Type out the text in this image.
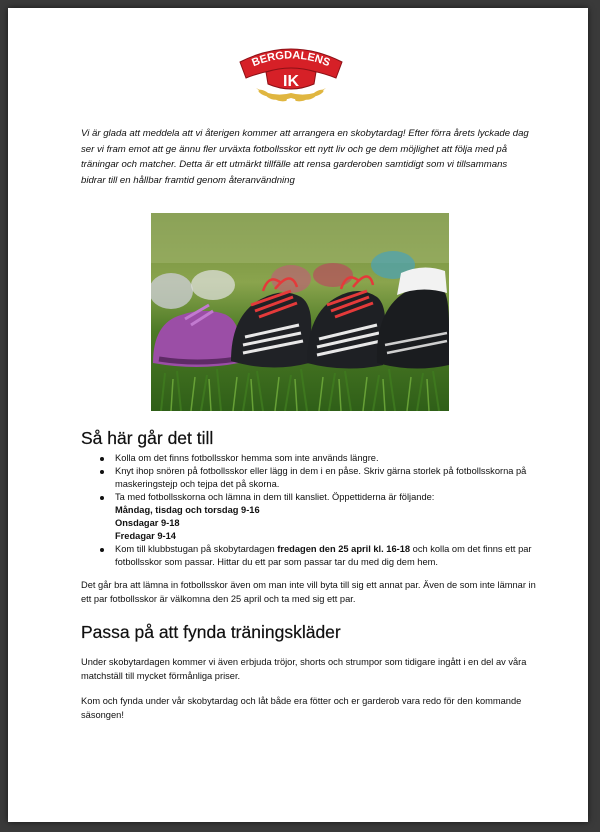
BERGDALENS
IK

Vi är glada att meddela att vi återigen kommer att arrangera en skobytardag! Efter förra årets lyckade dag ser vi fram emot att ge ännu fler urväxta fotbollsskor ett nytt liv och ge dem möjlighet att följa med på träningar och matcher. Detta är ett utmärkt tillfälle att rensa garderoben samtidigt som vi tillsammans bidrar till en hållbar framtid genom återanvändning

Så här går det till
Kolla om det finns fotbollsskor hemma som inte används längre.
Knyt ihop snören på fotbollsskor eller lägg in dem i en påse. Skriv gärna storlek på fotbollsskorna på maskeringstejp och tejpa det på skorna.
Ta med fotbollsskorna och lämna in dem till kansliet. Öppettiderna är följande:
Måndag, tisdag och torsdag 9-16
Onsdagar 9-18
Fredagar 9-14
Kom till klubbstugan på skobytardagen fredagen den 25 april kl. 16-18 och kolla om det finns ett par fotbollsskor som passar. Hittar du ett par som passar tar du med dig dem hem.

Det går bra att lämna in fotbollsskor även om man inte vill byta till sig ett annat par. Även de som inte lämnar in ett par fotbollsskor är välkomna den 25 april och ta med sig ett par.

Passa på att fynda träningskläder

Under skobytardagen kommer vi även erbjuda tröjor, shorts och strumpor som tidigare ingått i en del av våra matchställ till mycket förmånliga priser.

Kom och fynda under vår skobytardag och låt både era fötter och er garderob vara redo för den kommande säsongen!
